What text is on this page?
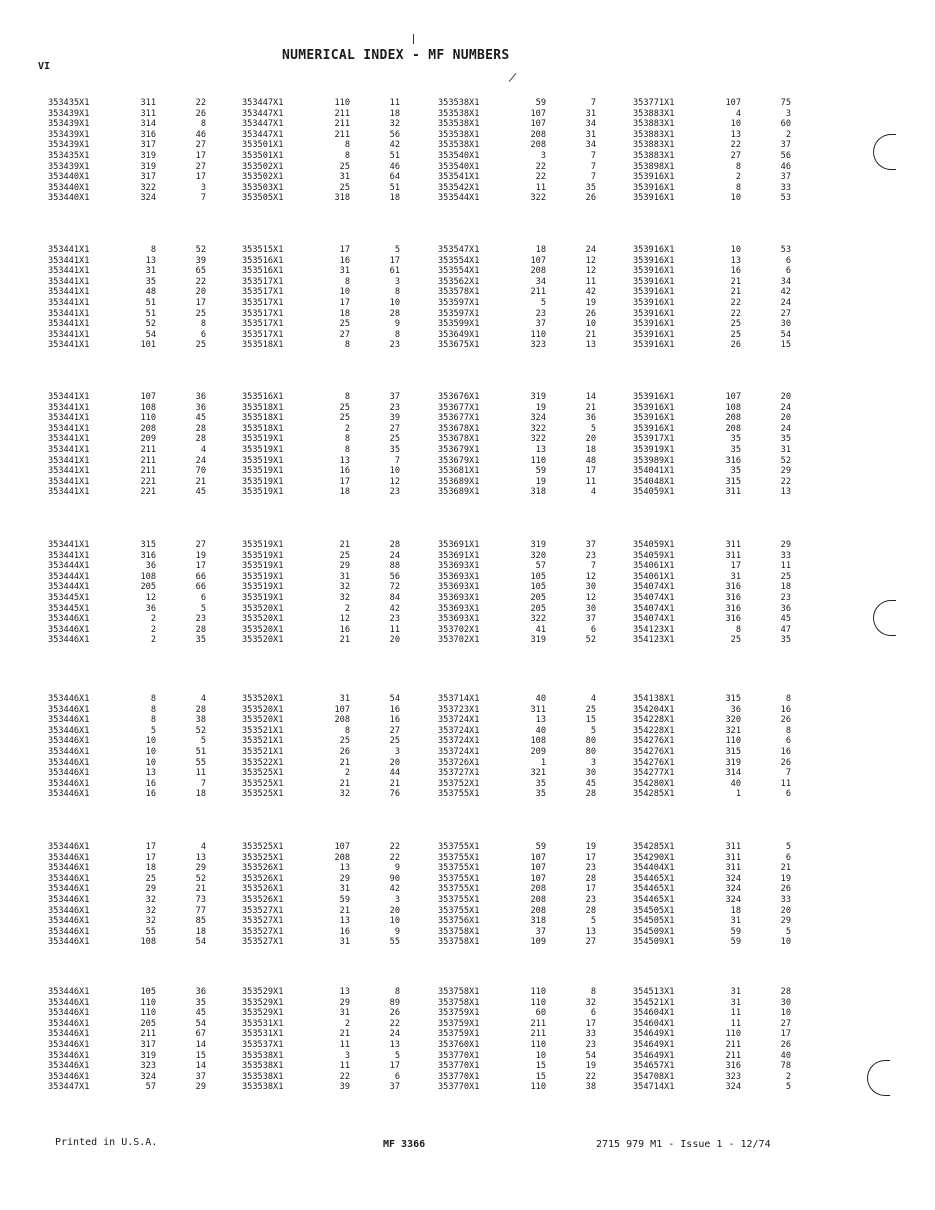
VI
NUMERICAL INDEX - MF NUMBERS
353435X1	311	22
353439X1	311	26
353439X1	314	8
353439X1	316	46
353439X1	317	27
353435X1	319	17
353439X1	319	27
353440X1	317	17
353440X1	322	3
353440X1	324	7
353447X1	110	11
353447X1	211	18
353447X1	211	32
353447X1	211	56
353501X1	8	42
353501X1	8	51
353502X1	25	46
353502X1	31	64
353503X1	25	51
353505X1	318	18
353538X1	59	7
353538X1	107	31
353538X1	107	34
353538X1	208	31
353538X1	208	34
353540X1	3	7
353540X1	22	7
353541X1	22	7
353542X1	11	35
353544X1	322	26
353771X1	107	75
353883X1	4	3
353883X1	10	60
353883X1	13	2
353883X1	22	37
353883X1	27	56
353898X1	8	46
353916X1	2	37
353916X1	8	33
353916X1	10	53
353441X1	8	52
353441X1	13	39
353441X1	31	65
353441X1	35	22
353441X1	48	20
353441X1	51	17
353441X1	51	25
353441X1	52	8
353441X1	54	6
353441X1	101	25
353515X1	17	5
353516X1	16	17
353516X1	31	61
353517X1	8	3
353517X1	10	8
353517X1	17	10
353517X1	18	28
353517X1	25	9
353517X1	27	8
353518X1	8	23
353547X1	18	24
353554X1	107	12
353554X1	208	12
353562X1	34	11
353578X1	211	42
353597X1	5	19
353597X1	23	26
353599X1	37	10
353649X1	110	21
353675X1	323	13
353916X1	10	53
353916X1	13	6
353916X1	16	6
353916X1	21	34
353916X1	21	42
353916X1	22	24
353916X1	22	27
353916X1	25	30
353916X1	25	54
353916X1	26	15
353441X1	107	36
353441X1	108	36
353441X1	110	45
353441X1	208	28
353441X1	209	28
353441X1	211	4
353441X1	211	24
353441X1	211	70
353441X1	221	21
353441X1	221	45
353516X1	8	37
353518X1	25	23
353518X1	25	39
353518X1	2	27
353519X1	8	25
353519X1	8	35
353519X1	13	7
353519X1	16	10
353519X1	17	12
353519X1	18	23
353676X1	319	14
353677X1	19	21
353677X1	324	36
353678X1	322	5
353678X1	322	20
353679X1	13	18
353679X1	110	48
353681X1	59	17
353689X1	19	11
353689X1	318	4
353916X1	107	20
353916X1	108	24
353916X1	208	20
353916X1	208	24
353917X1	35	35
353919X1	35	31
353989X1	316	52
354041X1	35	29
354048X1	315	22
354059X1	311	13
353441X1	315	27
353441X1	316	19
353444X1	36	17
353444X1	108	66
353444X1	205	66
353445X1	12	6
353445X1	36	5
353446X1	2	23
353446X1	2	28
353446X1	2	35
353519X1	21	28
353519X1	25	24
353519X1	29	88
353519X1	31	56
353519X1	32	72
353519X1	32	84
353520X1	2	42
353520X1	12	23
353520X1	16	11
353520X1	21	20
353691X1	319	37
353691X1	320	23
353693X1	57	7
353693X1	105	12
353693X1	105	30
353693X1	205	12
353693X1	205	30
353693X1	322	37
353702X1	41	6
353702X1	319	52
354059X1	311	29
354059X1	311	33
354061X1	17	11
354061X1	31	25
354074X1	316	18
354074X1	316	23
354074X1	316	36
354074X1	316	45
354123X1	8	47
354123X1	25	35
353446X1	8	4
353446X1	8	28
353446X1	8	38
353446X1	5	52
353446X1	10	5
353446X1	10	51
353446X1	10	55
353446X1	13	11
353446X1	16	7
353446X1	16	18
353520X1	31	54
353520X1	107	16
353520X1	208	16
353521X1	8	27
353521X1	25	25
353521X1	26	3
353522X1	21	20
353525X1	2	44
353525X1	21	21
353525X1	32	76
353714X1	40	4
353723X1	311	25
353724X1	13	15
353724X1	40	5
353724X1	108	80
353724X1	209	80
353726X1	1	3
353727X1	321	30
353752X1	35	45
353755X1	35	28
354138X1	315	8
354204X1	36	16
354228X1	320	26
354228X1	321	8
354276X1	110	6
354276X1	315	16
354276X1	319	26
354277X1	314	7
354280X1	40	11
354285X1	1	6
353446X1	17	4
353446X1	17	13
353446X1	18	29
353446X1	25	52
353446X1	29	21
353446X1	32	73
353446X1	32	77
353446X1	32	85
353446X1	55	18
353446X1	108	54
353525X1	107	22
353525X1	208	22
353526X1	13	9
353526X1	29	90
353526X1	31	42
353526X1	59	3
353527X1	21	20
353527X1	13	10
353527X1	16	9
353527X1	31	55
353755X1	59	19
353755X1	107	17
353755X1	107	23
353755X1	107	28
353755X1	208	17
353755X1	208	23
353755X1	208	28
353756X1	318	5
353758X1	37	13
353758X1	109	27
354285X1	311	5
354290X1	311	6
354404X1	311	21
354465X1	324	19
354465X1	324	26
354465X1	324	33
354505X1	18	20
354505X1	31	29
354509X1	59	5
354509X1	59	10
353446X1	105	36
353446X1	110	35
353446X1	110	45
353446X1	205	54
353446X1	211	67
353446X1	317	14
353446X1	319	15
353446X1	323	14
353446X1	324	37
353447X1	57	29
353529X1	13	8
353529X1	29	89
353529X1	31	26
353531X1	2	22
353531X1	21	24
353537X1	11	13
353538X1	3	5
353538X1	11	17
353538X1	22	6
353538X1	39	37
353758X1	110	8
353758X1	110	32
353759X1	60	6
353759X1	211	17
353759X1	211	33
353760X1	110	23
353770X1	10	54
353770X1	15	19
353770X1	15	22
353770X1	110	38
354513X1	31	28
354521X1	31	30
354604X1	11	10
354604X1	11	27
354649X1	110	17
354649X1	211	26
354649X1	211	40
354657X1	316	78
354708X1	323	2
354714X1	324	5
Printed in U.S.A.	MF 3366	2715 979 M1 - Issue 1 - 12/74
